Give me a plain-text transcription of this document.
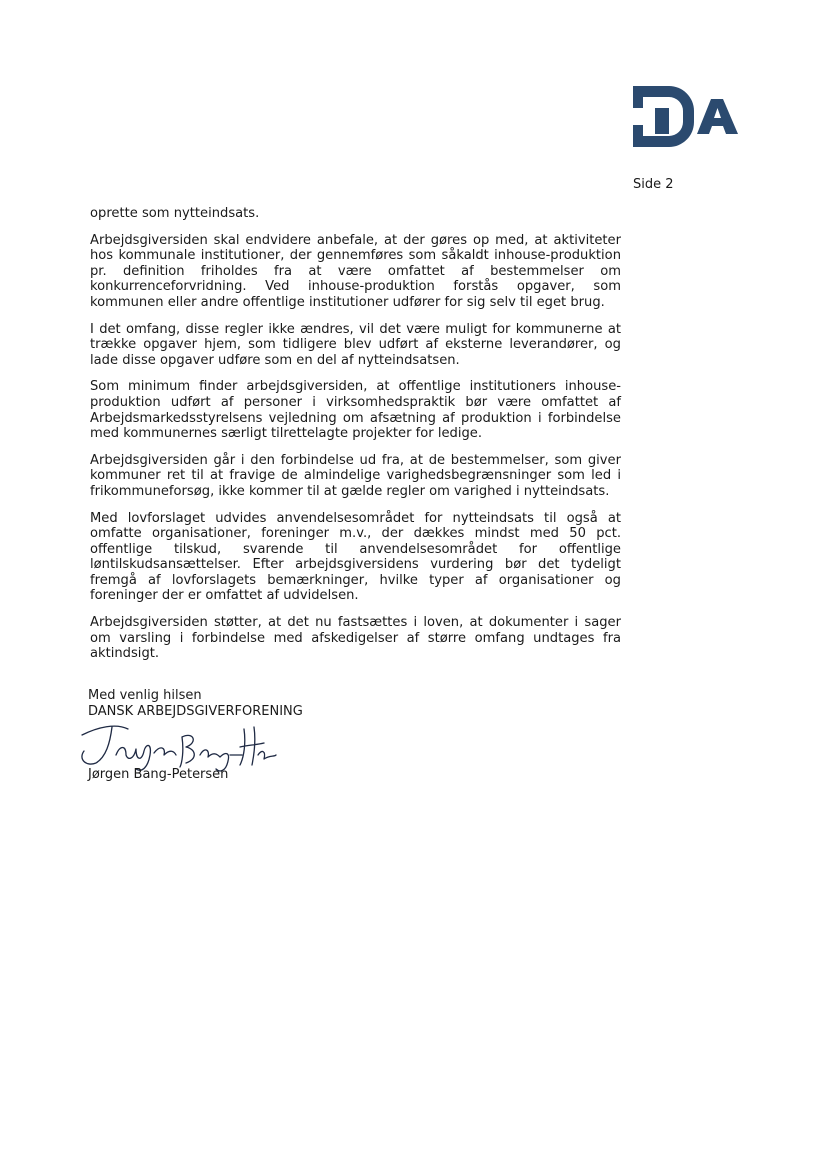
Side 2

oprette som nytteindsats.

Arbejdsgiversiden skal endvidere anbefale, at der gøres op med, at aktiviteter hos kommunale institutioner, der gennemføres som såkaldt inhouse-produktion pr. definition friholdes fra at være omfattet af bestemmelser om konkurrenceforvridning. Ved inhouse-produktion forstås opgaver, som kommunen eller andre offentlige institutioner udfører for sig selv til eget brug.

I det omfang, disse regler ikke ændres, vil det være muligt for kommunerne at trække opgaver hjem, som tidligere blev udført af eksterne leverandører, og lade disse opgaver udføre som en del af nytteindsatsen.

Som minimum finder arbejdsgiversiden, at offentlige institutioners inhouse-produktion udført af personer i virksomhedspraktik bør være omfattet af Arbejdsmarkedsstyrelsens vejledning om afsætning af produktion i forbindelse med kommunernes særligt tilrettelagte projekter for ledige.

Arbejdsgiversiden går i den forbindelse ud fra, at de bestemmelser, som giver kommuner ret til at fravige de almindelige varighedsbegrænsninger som led i frikommuneforsøg, ikke kommer til at gælde regler om varighed i nytteindsats.

Med lovforslaget udvides anvendelsesområdet for nytteindsats til også at omfatte organisationer, foreninger m.v., der dækkes mindst med 50 pct. offentlige tilskud, svarende til anvendelsesområdet for offentlige løntilskudsansættelser. Efter arbejdsgiversidens vurdering bør det tydeligt fremgå af lovforslagets bemærkninger, hvilke typer af organisationer og foreninger der er omfattet af udvidelsen.

Arbejdsgiversiden støtter, at det nu fastsættes i loven, at dokumenter i sager om varsling i forbindelse med afskedigelser af større omfang undtages fra aktindsigt.

Med venlig hilsen
DANSK ARBEJDSGIVERFORENING
Jørgen Bang-Petersen
